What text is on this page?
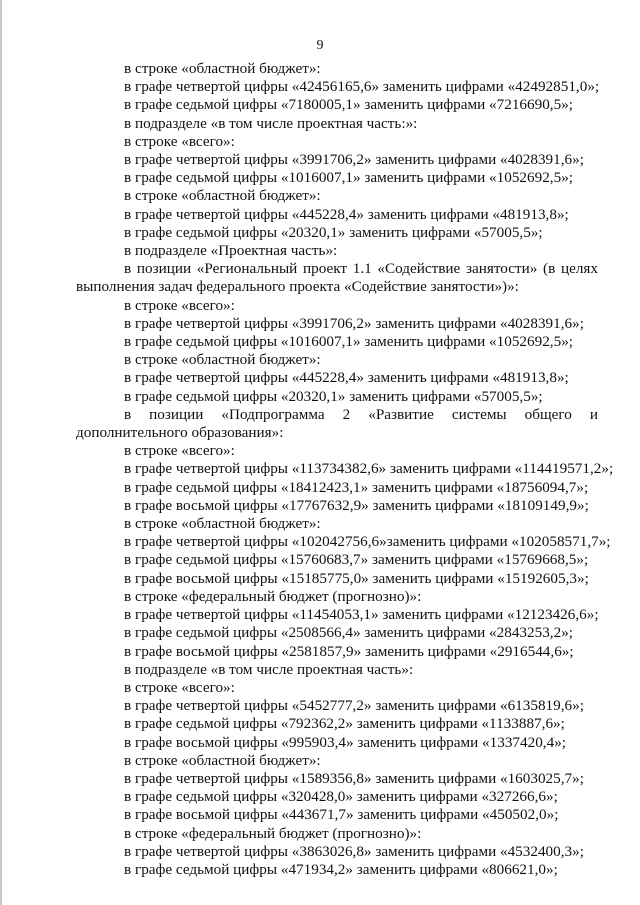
9
в строке «областной бюджет»:
в графе четвертой цифры «42456165,6» заменить цифрами «42492851,0»;
в графе седьмой цифры «7180005,1» заменить цифрами «7216690,5»;
в подразделе «в том числе проектная часть:»:
в строке «всего»:
в графе четвертой цифры «3991706,2» заменить цифрами «4028391,6»;
в графе седьмой цифры «1016007,1» заменить цифрами «1052692,5»;
в строке «областной бюджет»:
в графе четвертой цифры «445228,4» заменить цифрами «481913,8»;
в графе седьмой цифры «20320,1» заменить цифрами «57005,5»;
в подразделе «Проектная часть»:
в позиции «Региональный проект 1.1 «Содействие занятости» (в целях выполнения задач федерального проекта «Содействие занятости»)»:
в строке «всего»:
в графе четвертой цифры «3991706,2» заменить цифрами «4028391,6»;
в графе седьмой цифры «1016007,1» заменить цифрами «1052692,5»;
в строке «областной бюджет»:
в графе четвертой цифры «445228,4» заменить цифрами «481913,8»;
в графе седьмой цифры «20320,1» заменить цифрами «57005,5»;
в позиции «Подпрограмма 2 «Развитие системы общего и дополнительного образования»:
в строке «всего»:
в графе четвертой цифры «113734382,6» заменить цифрами «114419571,2»;
в графе седьмой цифры «18412423,1» заменить цифрами «18756094,7»;
в графе восьмой цифры «17767632,9» заменить цифрами «18109149,9»;
в строке «областной бюджет»:
в графе четвертой цифры «102042756,6»заменить цифрами «102058571,7»;
в графе седьмой цифры «15760683,7» заменить цифрами «15769668,5»;
в графе восьмой цифры «15185775,0» заменить цифрами «15192605,3»;
в строке «федеральный бюджет (прогнозно)»:
в графе четвертой цифры «11454053,1» заменить цифрами «12123426,6»;
в графе седьмой цифры «2508566,4» заменить цифрами «2843253,2»;
в графе восьмой цифры «2581857,9» заменить цифрами «2916544,6»;
в подразделе «в том числе проектная часть»:
в строке «всего»:
в графе четвертой цифры «5452777,2» заменить цифрами «6135819,6»;
в графе седьмой цифры «792362,2» заменить цифрами «1133887,6»;
в графе восьмой цифры «995903,4» заменить цифрами «1337420,4»;
в строке «областной бюджет»:
в графе четвертой цифры «1589356,8» заменить цифрами «1603025,7»;
в графе седьмой цифры «320428,0» заменить цифрами «327266,6»;
в графе восьмой цифры «443671,7» заменить цифрами «450502,0»;
в строке «федеральный бюджет (прогнозно)»:
в графе четвертой цифры «3863026,8» заменить цифрами «4532400,3»;
в графе седьмой цифры «471934,2» заменить цифрами «806621,0»;
